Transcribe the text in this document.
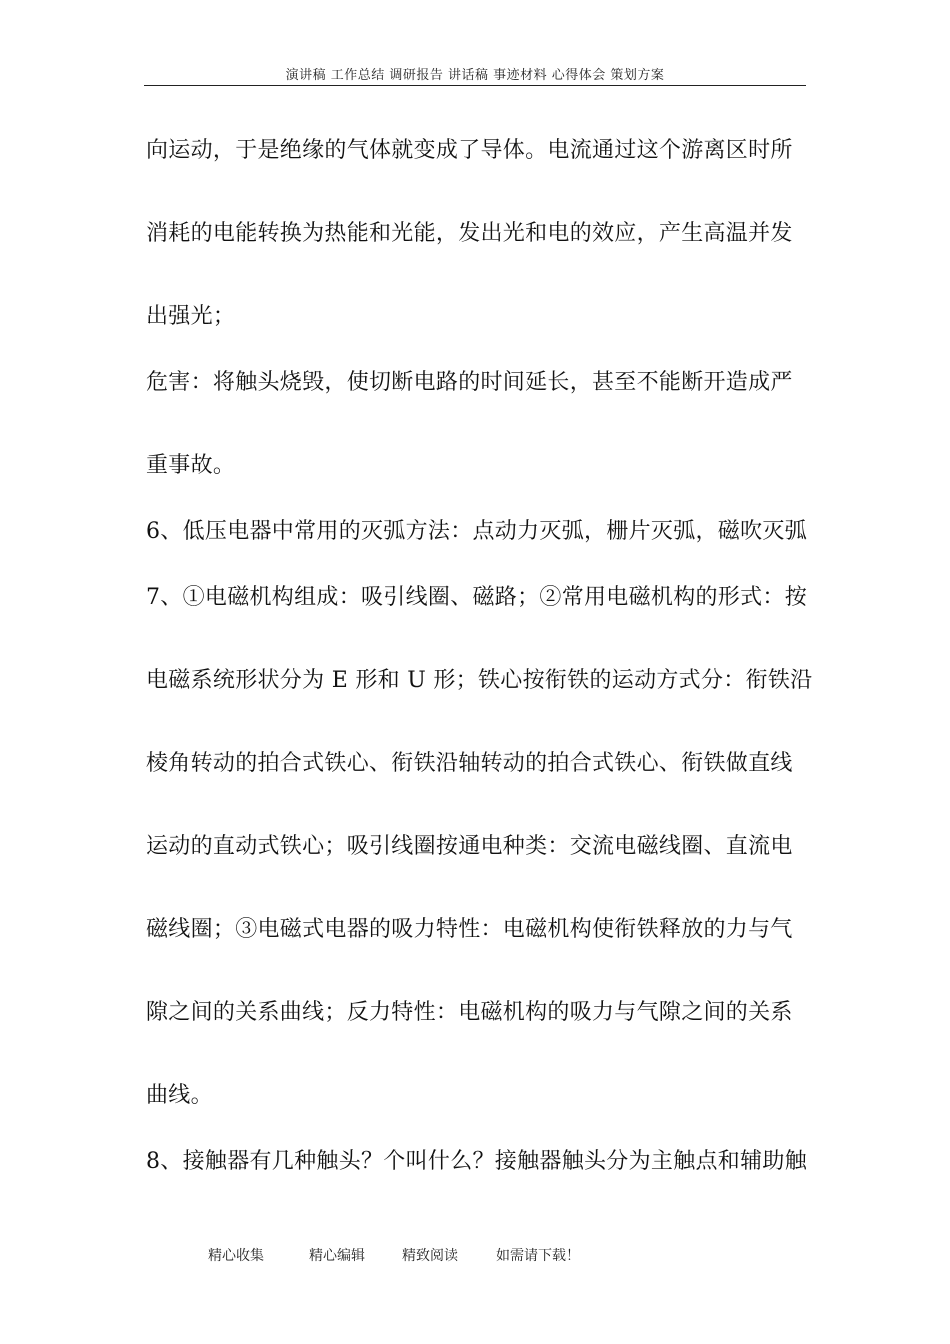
演讲稿 工作总结 调研报告 讲话稿 事迹材料 心得体会 策划方案
向运动，于是绝缘的气体就变成了导体。电流通过这个游离区时所
消耗的电能转换为热能和光能，发出光和电的效应，产生高温并发
出强光；
危害：将触头烧毁，使切断电路的时间延长，甚至不能断开造成严
重事故。
6、低压电器中常用的灭弧方法：点动力灭弧，栅片灭弧，磁吹灭弧
7、①电磁机构组成：吸引线圈、磁路；②常用电磁机构的形式：按
电磁系统形状分为 E 形和 U 形；铁心按衔铁的运动方式分：衔铁沿
棱角转动的拍合式铁心、衔铁沿轴转动的拍合式铁心、衔铁做直线
运动的直动式铁心；吸引线圈按通电种类：交流电磁线圈、直流电
磁线圈；③电磁式电器的吸力特性：电磁机构使衔铁释放的力与气
隙之间的关系曲线；反力特性：电磁机构的吸力与气隙之间的关系
曲线。
8、接触器有几种触头？个叫什么？接触器触头分为主触点和辅助触
精心收集	精心编辑	精致阅读	如需请下载！
